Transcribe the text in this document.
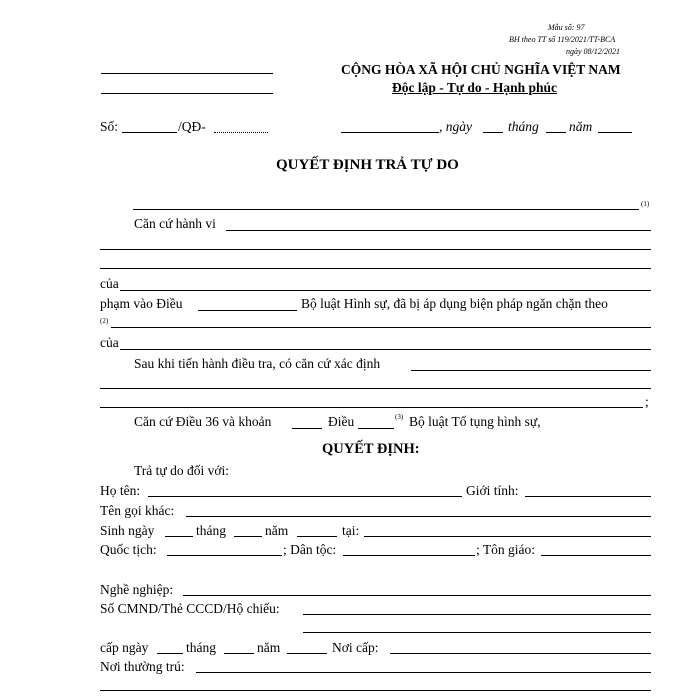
Mẫu số: 97
BH theo TT số 119/2021/TT-BCA
ngày 08/12/2021
CỘNG HÒA XÃ HỘI CHỦ NGHĨA VIỆT NAM
Độc lập - Tự do - Hạnh phúc
Số:	/QĐ-	, ngày	tháng năm
QUYẾT ĐỊNH TRẢ TỰ DO
(1)
Căn cứ hành vi
của
phạm vào Điều	Bộ luật Hình sự, đã bị áp dụng biện pháp ngăn chặn theo
(2)
của
Sau khi tiến hành điều tra, có căn cứ xác định
;
Căn cứ Điều 36 và khoản	Điều	(3) Bộ luật Tố tụng hình sự,
QUYẾT ĐỊNH:
Trả tự do đối với:
Họ tên:	Giới tính:
Tên gọi khác:
Sinh ngày	tháng	năm	tại:
Quốc tịch:	; Dân tộc:	; Tôn giáo:
Nghề nghiệp:
Số CMND/Thẻ CCCD/Hộ chiếu:
cấp ngày	tháng	năm	Nơi cấp:
Nơi thường trú:
